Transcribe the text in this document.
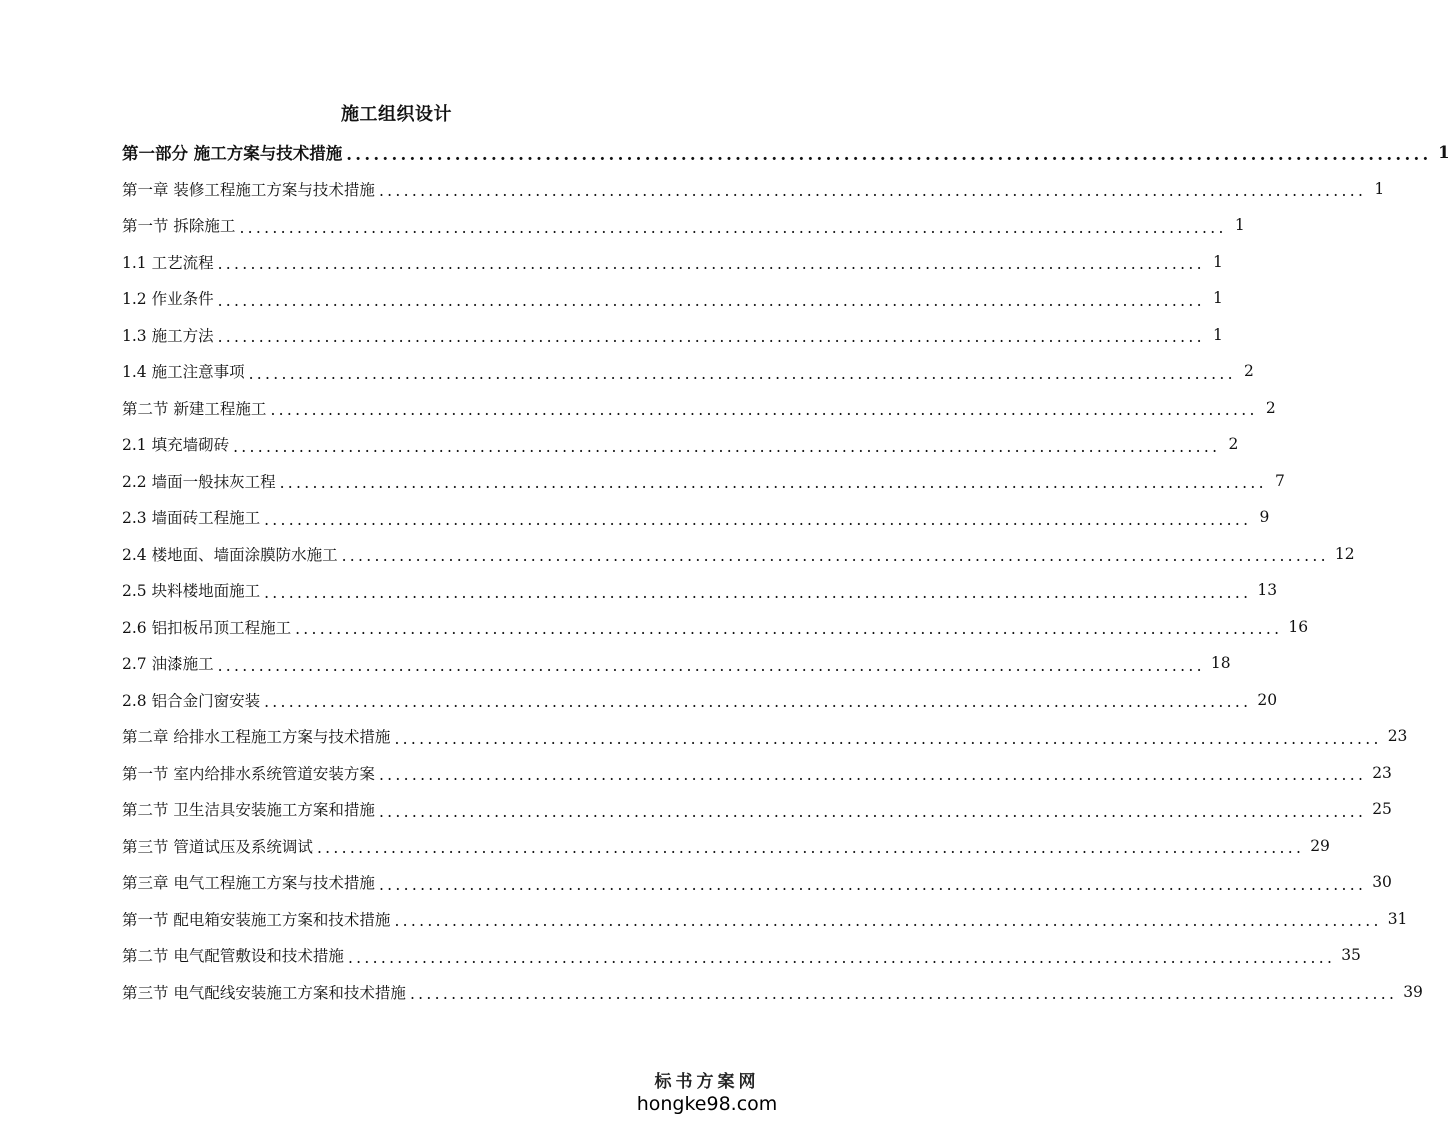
施工组织设计
第一部分 施工方案与技术措施 ........................................................................................................................ 1
第一章 装修工程施工方案与技术措施 ........................................................................................................................ 1
第一节 拆除施工 ........................................................................................................................ 1
1.1 工艺流程 ........................................................................................................................ 1
1.2 作业条件 ........................................................................................................................ 1
1.3 施工方法 ........................................................................................................................ 1
1.4 施工注意事项 ........................................................................................................................ 2
第二节 新建工程施工 ........................................................................................................................ 2
2.1 填充墙砌砖 ........................................................................................................................ 2
2.2 墙面一般抹灰工程 ........................................................................................................................ 7
2.3 墙面砖工程施工 ........................................................................................................................ 9
2.4 楼地面、墙面涂膜防水施工 ........................................................................................................................ 12
2.5 块料楼地面施工 ........................................................................................................................ 13
2.6 铝扣板吊顶工程施工 ........................................................................................................................ 16
2.7 油漆施工 ........................................................................................................................ 18
2.8 铝合金门窗安装 ........................................................................................................................ 20
第二章 给排水工程施工方案与技术措施 ........................................................................................................................ 23
第一节 室内给排水系统管道安装方案 ........................................................................................................................ 23
第二节 卫生洁具安装施工方案和措施 ........................................................................................................................ 25
第三节 管道试压及系统调试 ........................................................................................................................ 29
第三章 电气工程施工方案与技术措施 ........................................................................................................................ 30
第一节 配电箱安装施工方案和技术措施 ........................................................................................................................ 31
第二节 电气配管敷设和技术措施 ........................................................................................................................ 35
第三节 电气配线安装施工方案和技术措施 ........................................................................................................................ 39
标书方案网
hongke98.com
